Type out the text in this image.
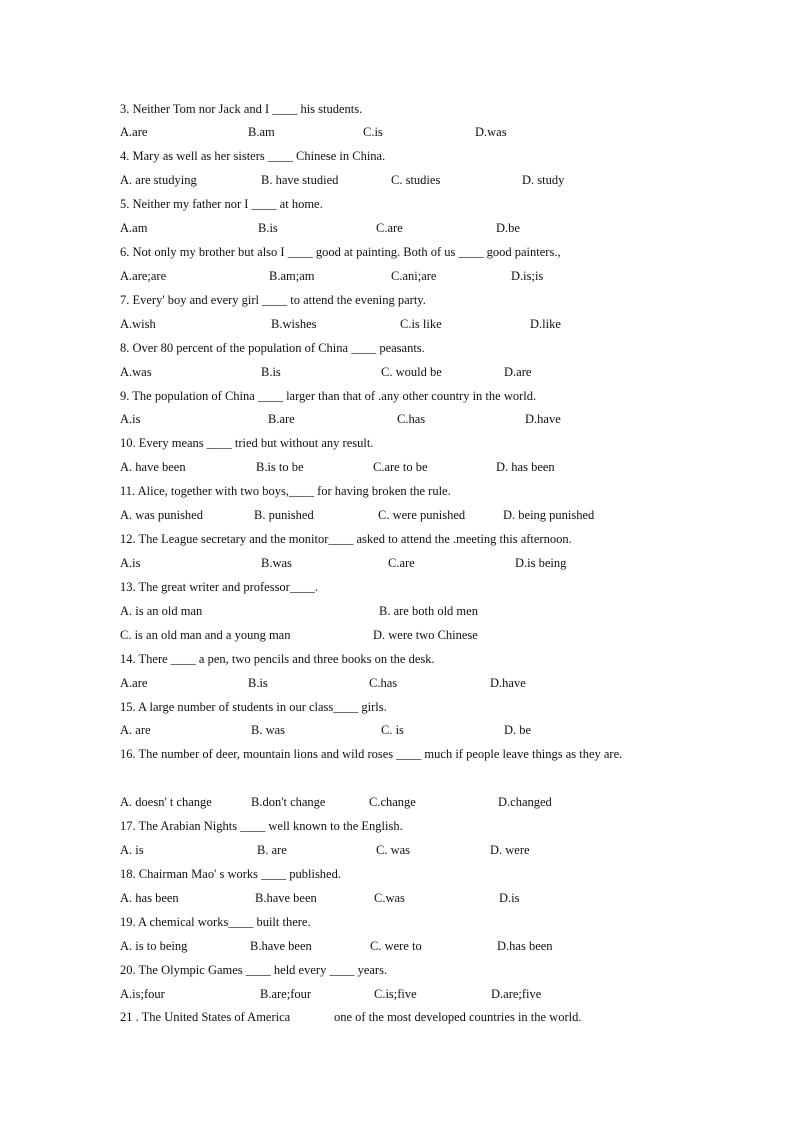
3. Neither Tom nor Jack and I ____ his students.
A.are	B.am	C.is	D.was
4. Mary as well as her sisters ____ Chinese in China.
A. are studying	B. have studied	C. studies	D. study
5. Neither my father nor I ____ at home.
A.am	B.is	C.are	D.be
6. Not only my brother but also I ____ good at painting. Both of us ____ good painters.,
A.are;are	B.am;am	C.ani;are	D.is;is
7. Every' boy and every girl ____ to attend the evening party.
A.wish	B.wishes	C.is like	D.like
8. Over 80 percent of the population of China ____ peasants.
A.was	B.is	C. would be	D.are
9. The population of China ____ larger than that of .any other country in the world.
A.is	B.are	C.has	D.have
10. Every means ____ tried but without any result.
A. have been	B.is to be	C.are to be	D. has been
11. Alice, together with two boys,____ for having broken the rule.
A. was punished	B. punished	C. were punished	D. being punished
12. The League secretary and the monitor____ asked to attend the .meeting this afternoon.
A.is	B.was	C.are	D.is being
13. The great writer and professor____.
A. is an old man	B. are both old men
C. is an old man and a young man	D. were two Chinese
14. There ____ a pen, two pencils and three books on the desk.
A.are	B.is	C.has	D.have
15. A large number of students in our class____ girls.
A. are	B. was	C. is	D. be
16. The number of deer, mountain lions and wild roses ____ much if people leave things as they are.
A. doesn' t change	B.don't change	C.change	D.changed
17. The Arabian Nights ____ well known to the English.
A. is	B. are	C. was	D. were
18. Chairman Mao' s works ____ published.
A. has been	B.have been	C.was	D.is
19. A chemical works____ built there.
A. is to being	B.have been	C. were to	D.has been
20. The Olympic Games ____ held every ____ years.
A.is;four	B.are;four	C.is;five	D.are;five
21 . The United States of America              one of the most developed countries in the world.
